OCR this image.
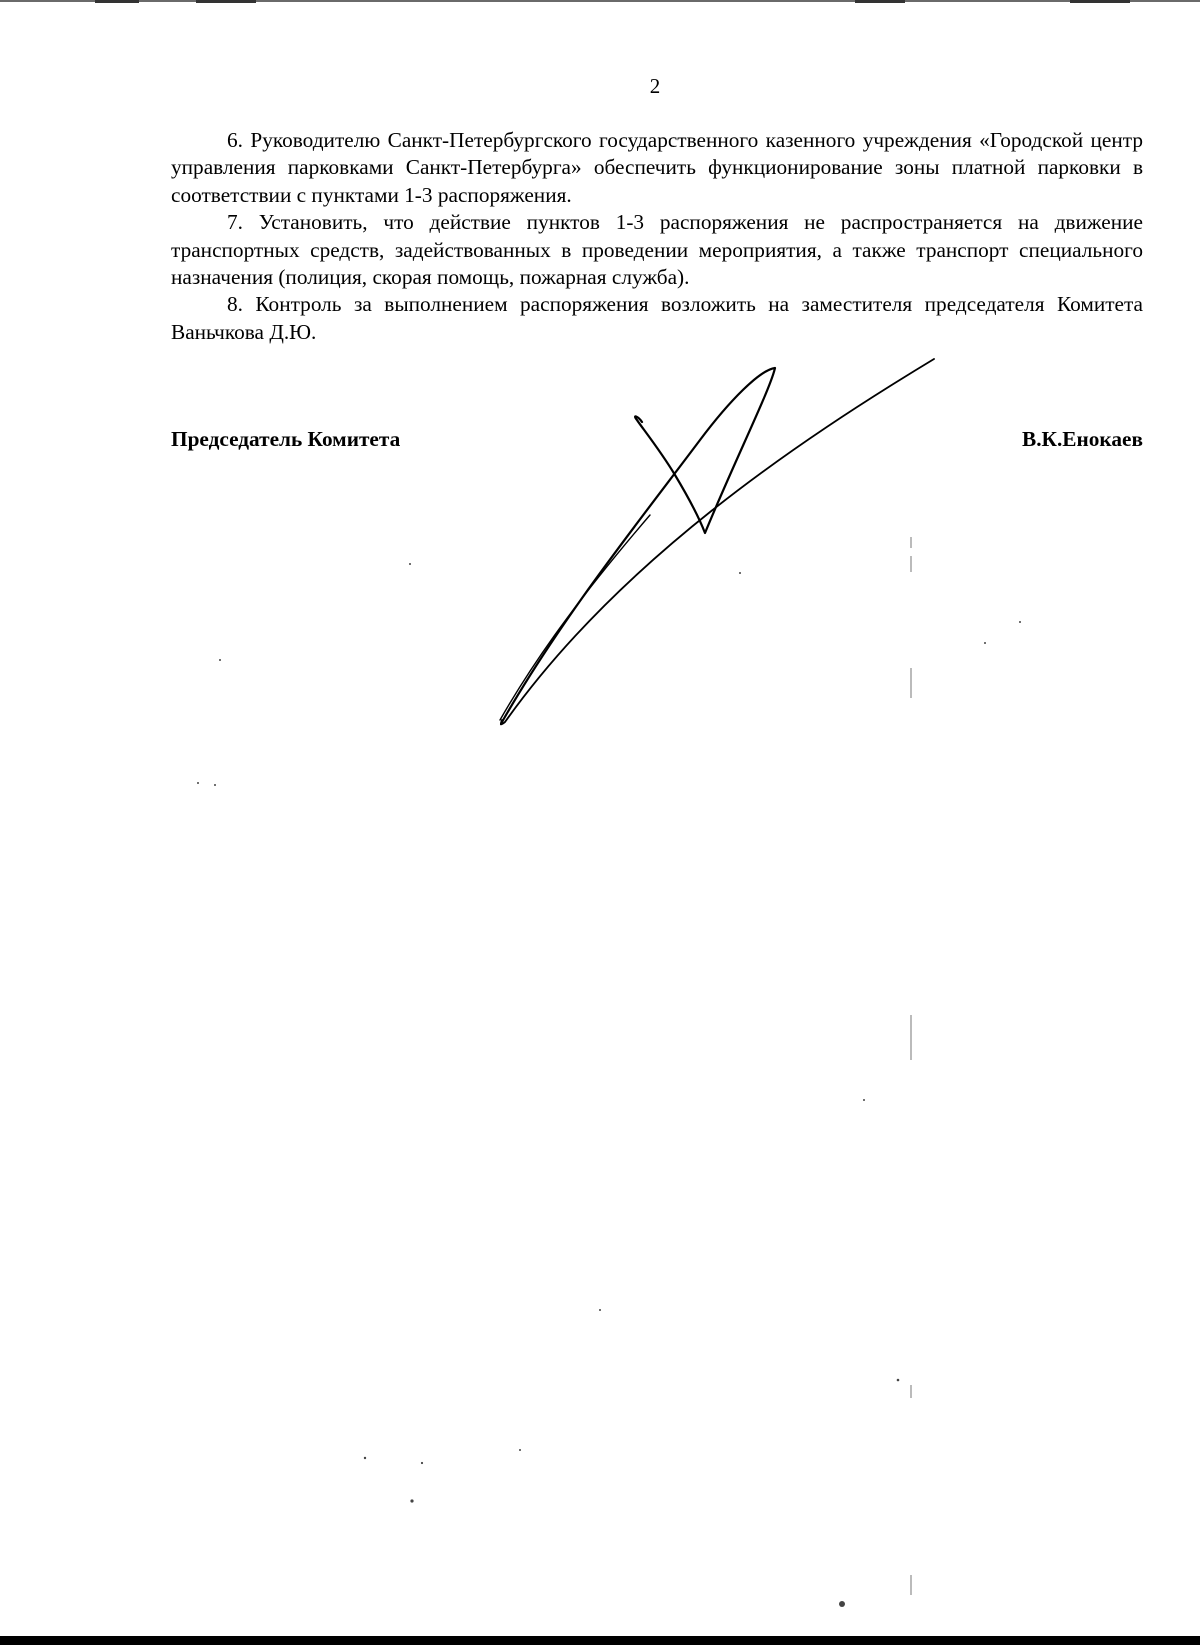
2

6. Руководителю Санкт-Петербургского государственного казенного учреждения «Городской центр управления парковками Санкт-Петербурга» обеспечить функционирование зоны платной парковки в соответствии с пунктами 1-3 распоряжения.

7. Установить, что действие пунктов 1-3 распоряжения не распространяется на движение транспортных средств, задействованных в проведении мероприятия, а также транспорт специального назначения (полиция, скорая помощь, пожарная служба).

8. Контроль за выполнением распоряжения возложить на заместителя председателя Комитета Ваньчкова Д.Ю.

Председатель Комитета	В.К.Енокаев
